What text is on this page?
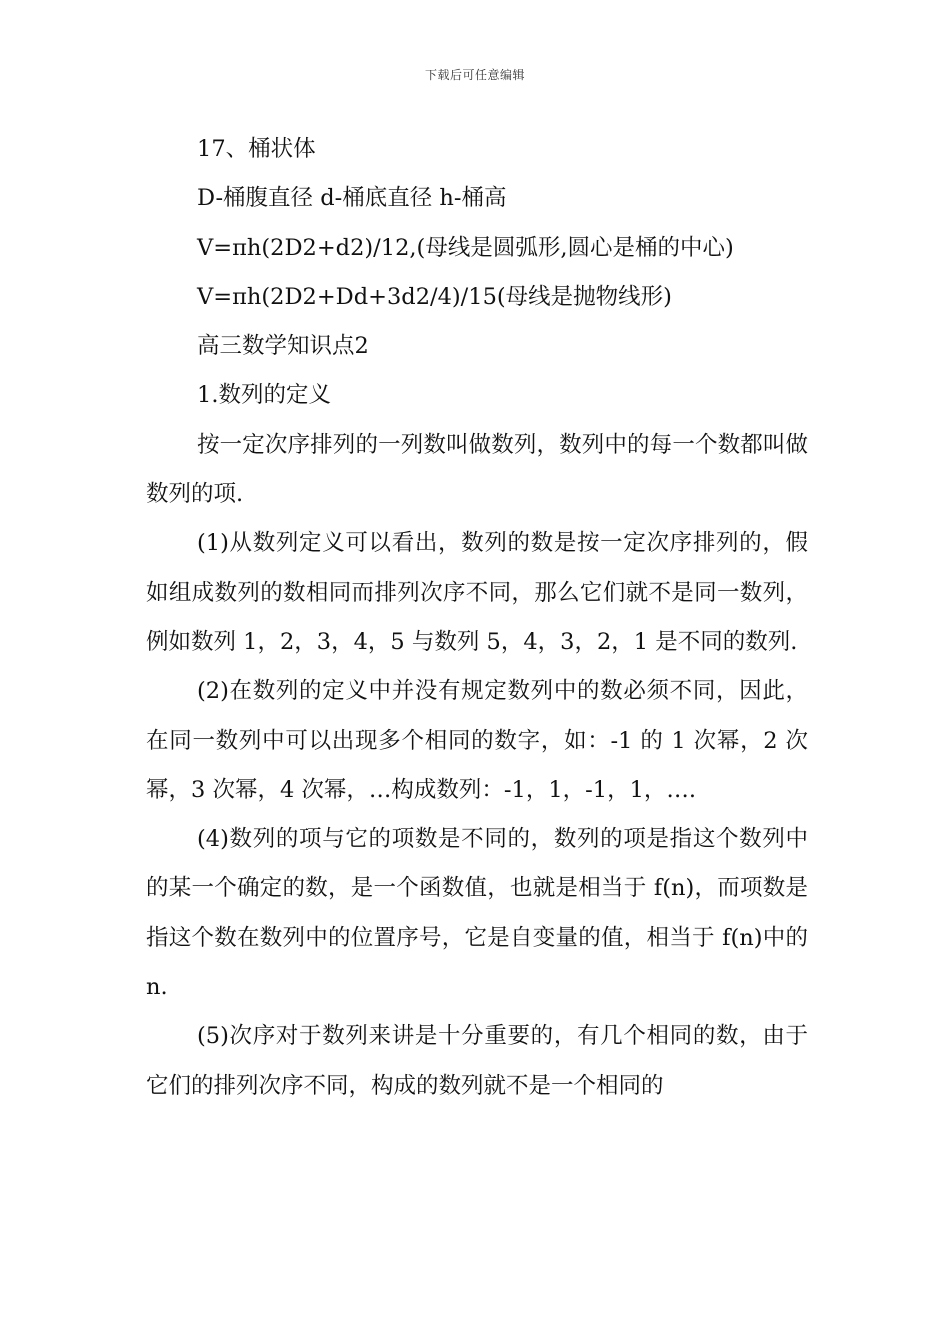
下载后可任意编辑

17、桶状体

D-桶腹直径 d-桶底直径 h-桶高

V=πh(2D2+d2)/12,(母线是圆弧形,圆心是桶的中心)

V=πh(2D2+Dd+3d2/4)/15(母线是抛物线形)

高三数学知识点2

1.数列的定义

按一定次序排列的一列数叫做数列，数列中的每一个数都叫做数列的项.

(1)从数列定义可以看出，数列的数是按一定次序排列的，假如组成数列的数相同而排列次序不同，那么它们就不是同一数列，例如数列 1，2，3，4，5 与数列 5，4，3，2，1 是不同的数列.

(2)在数列的定义中并没有规定数列中的数必须不同，因此，在同一数列中可以出现多个相同的数字，如：-1 的 1 次幂，2 次幂，3 次幂，4 次幂，…构成数列：-1，1，-1，1，….

(4)数列的项与它的项数是不同的，数列的项是指这个数列中的某一个确定的数，是一个函数值，也就是相当于 f(n)，而项数是指这个数在数列中的位置序号，它是自变量的值，相当于 f(n)中的 n.

(5)次序对于数列来讲是十分重要的，有几个相同的数，由于它们的排列次序不同，构成的数列就不是一个相同的
